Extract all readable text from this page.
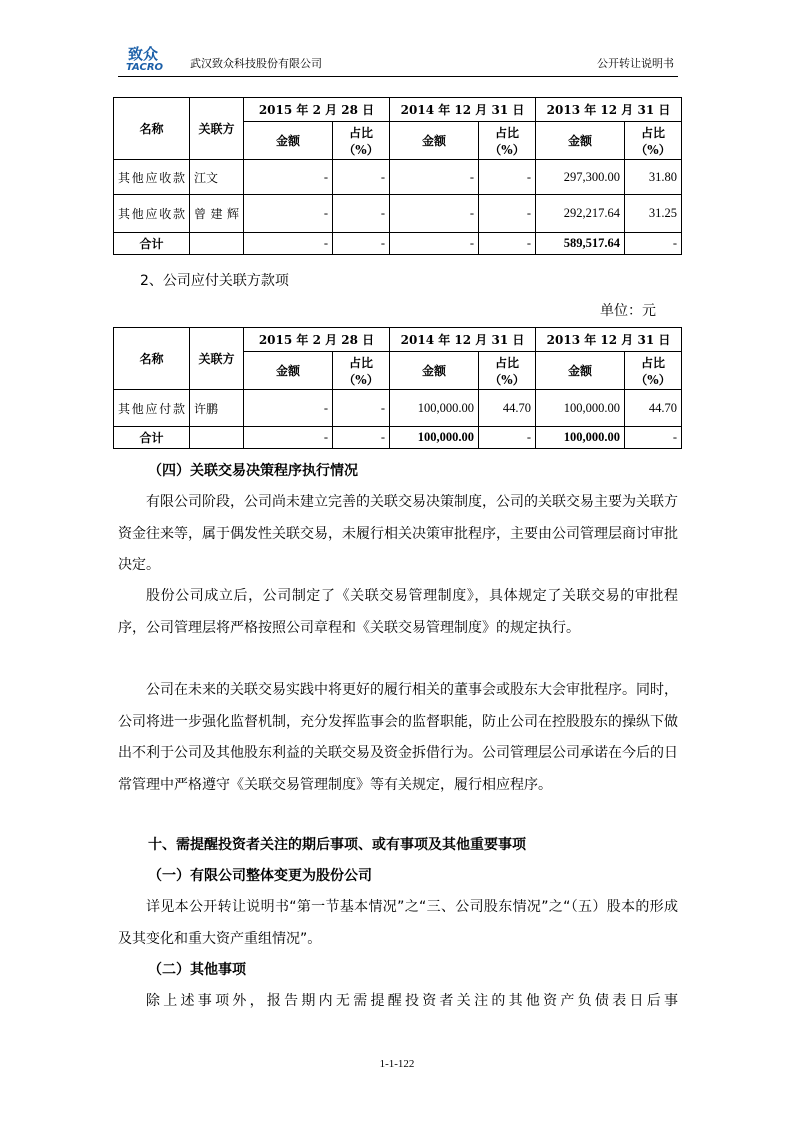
致众
TACRO 武汉致众科技股份有限公司	公开转让说明书
名称	关联方	2015 年 2 月 28 日		2014 年 12 月 31 日		2013 年 12 月 31 日	
		金额	占比（%）	金额	占比（%）	金额	占比（%）
其他应收款	江文	-	-	-	-	297,300.00	31.80
其他应收款	曾建辉	-	-	-	-	292,217.64	31.25
合计		-	-	-	-	589,517.64	-
2、公司应付关联方款项
单位：元
名称	关联方	2015 年 2 月 28 日		2014 年 12 月 31 日		2013 年 12 月 31 日	
		金额	占比（%）	金额	占比（%）	金额	占比（%）
其他应付款	许鹏	-	-	100,000.00	44.70	100,000.00	44.70
合计		-	-	100,000.00	-	100,000.00	-
（四）关联交易决策程序执行情况
有限公司阶段，公司尚未建立完善的关联交易决策制度，公司的关联交易主要为关联方资金往来等，属于偶发性关联交易，未履行相关决策审批程序，主要由公司管理层商讨审批决定。
股份公司成立后，公司制定了《关联交易管理制度》，具体规定了关联交易的审批程序，公司管理层将严格按照公司章程和《关联交易管理制度》的规定执行。
公司在未来的关联交易实践中将更好的履行相关的董事会或股东大会审批程序。同时，公司将进一步强化监督机制，充分发挥监事会的监督职能，防止公司在控股股东的操纵下做出不利于公司及其他股东利益的关联交易及资金拆借行为。公司管理层公司承诺在今后的日常管理中严格遵守《关联交易管理制度》等有关规定，履行相应程序。
十、需提醒投资者关注的期后事项、或有事项及其他重要事项
（一）有限公司整体变更为股份公司
详见本公开转让说明书“第一节基本情况”之“三、公司股东情况”之“（五）股本的形成及其变化和重大资产重组情况”。
（二）其他事项
除上述事项外，报告期内无需提醒投资者关注的其他资产负债表日后事
1-1-122
